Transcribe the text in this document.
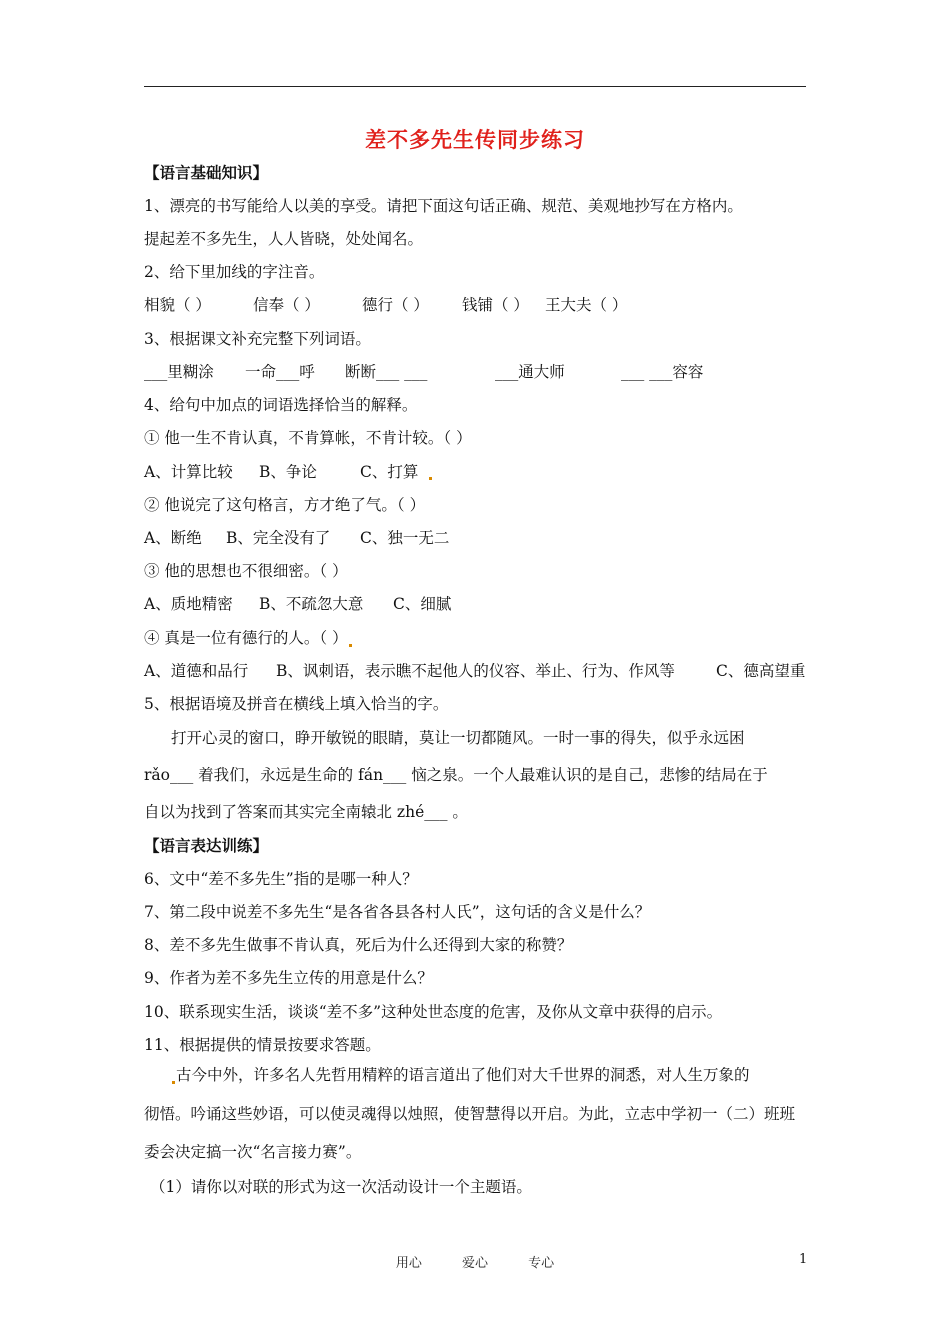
差不多先生传同步练习
【语言基础知识】
1、漂亮的书写能给人以美的享受。请把下面这句话正确、规范、美观地抄写在方格内。
提起差不多先生，人人皆晓，处处闻名。
2、给下里加线的字注音。
相貌（ ）	信奉（ ）	德行（ ） 钱铺（ ） 王大夫（ ）
3、根据课文补充完整下列词语。
___里糊涂 一命___呼 断断___ ___	___通大师	___ ___容容
4、给句中加点的词语选择恰当的解释。
① 他一生不肯认真，不肯算帐，不肯计较。（ ）
A、计算比较 B、争论	C、打算
② 他说完了这句格言，方才绝了气。（ ）
A、断绝 B、完全没有了 C、独一无二
③ 他的思想也不很细密。（ ）
A、质地精密 B、不疏忽大意 C、细腻
④ 真是一位有德行的人。（ ）
A、道德和品行 B、讽刺语，表示瞧不起他人的仪容、举止、行为、作风等	C、德高望重
5、根据语境及拼音在横线上填入恰当的字。
打开心灵的窗口，睁开敏锐的眼睛，莫让一切都随风。一时一事的得失，似乎永远困
rǎo___ 着我们，永远是生命的 fán___ 恼之泉。一个人最难认识的是自己，悲惨的结局在于
自以为找到了答案而其实完全南辕北 zhé___ 。
【语言表达训练】
6、文中“差不多先生”指的是哪一种人？
7、第二段中说差不多先生“是各省各县各村人氏”，这句话的含义是什么？
8、差不多先生做事不肯认真，死后为什么还得到大家的称赞？
9、作者为差不多先生立传的用意是什么？
10、联系现实生活，谈谈“差不多”这种处世态度的危害，及你从文章中获得的启示。
11、根据提供的情景按要求答题。
古今中外，许多名人先哲用精粹的语言道出了他们对大千世界的洞悉，对人生万象的
彻悟。吟诵这些妙语，可以使灵魂得以烛照，使智慧得以开启。为此，立志中学初一（二）班班
委会决定搞一次“名言接力赛”。
（1）请你以对联的形式为这一次活动设计一个主题语。
用心	爱心	专心	1
